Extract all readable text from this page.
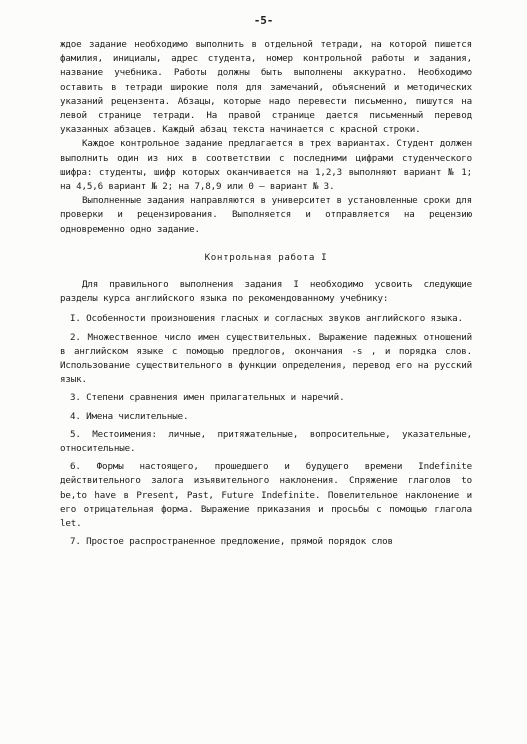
-5-

ждое задание необходимо выполнить в отдельной тетради, на которой пишется фамилия, инициалы, адрес студента, номер контрольной работы и задания, название учебника. Работы должны быть выполнены аккуратно. Необходимо оставить в тетради широкие поля для замечаний, объяснений и методических указаний рецензента. Абзацы, которые надо перевести письменно, пишутся на левой странице тетради. На правой странице дается письменный перевод указанных абзацев. Каждый абзац текста начинается с красной строки.

Каждое контрольное задание предлагается в трех вариантах. Студент должен выполнить один из них в соответствии с последними цифрами студенческого шифра: студенты, шифр которых оканчивается на 1,2,3 выполняют вариант № 1; на 4,5,6 вариант № 2; на 7,8,9 или 0 – вариант № 3.

Выполненные задания направляются в университет в установленные сроки для проверки и рецензирования. Выполняется и отправляется на рецензию одновременно одно задание.

Контрольная работа I

Для правильного выполнения задания I необходимо усвоить следующие разделы курса английского языка по рекомендованному учебнику:

I. Особенности произношения гласных и согласных звуков английского языка.
2. Множественное число имен существительных. Выражение падежных отношений в английском языке с помощью предлогов, окончания -s , и порядка слов. Использование существительного в функции определения, перевод его на русский язык.
3. Степени сравнения имен прилагательных и наречий.
4. Имена числительные.
5. Местоимения: личные, притяжательные, вопросительные, указательные, относительные.
6. Формы настоящего, прошедшего и будущего времени Indefinite действительного залога изъявительного наклонения. Спряжение глаголов to be,to have в Present, Past, Future Indefinite. Повелительное наклонение и его отрицательная форма. Выражение приказания и просьбы с помощью глагола let.
7. Простое распространенное предложение, прямой порядок слов
